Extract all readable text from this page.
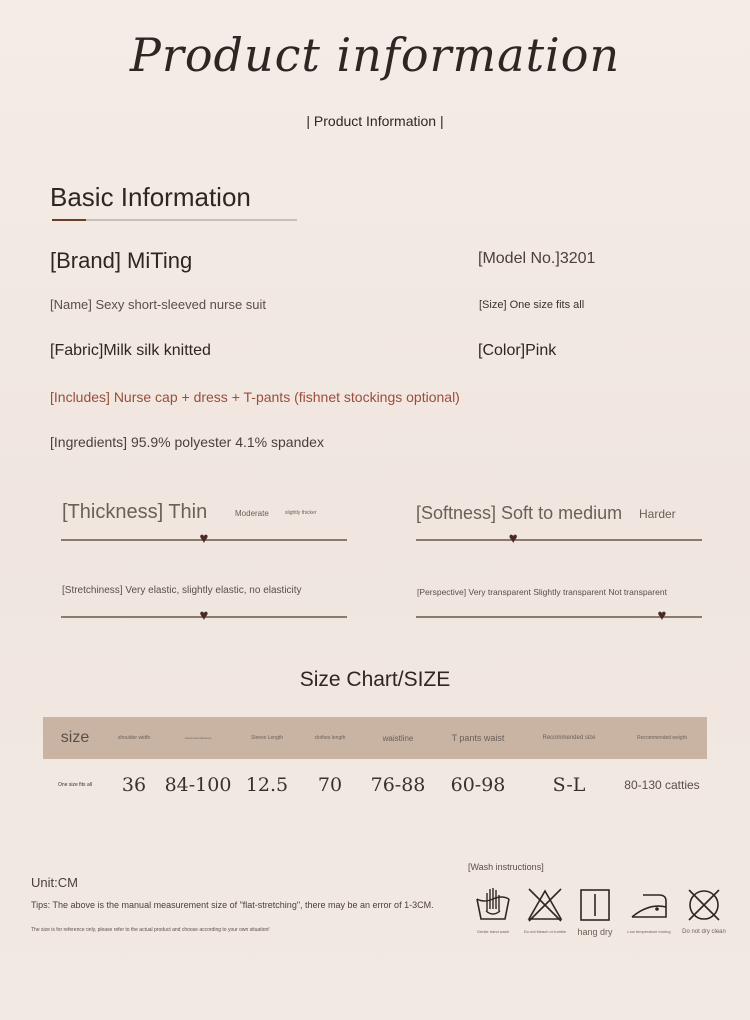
Product information
| Product Information |
Basic Information
[Brand] MiTing	[Model No.]3201
[Name] Sexy short-sleeved nurse suit	[Size] One size fits all
[Fabric]Milk silk knitted	[Color]Pink
[Includes] Nurse cap + dress + T-pants (fishnet stockings optional)
[Ingredients] 95.9% polyester 4.1% spandex
[Thickness] Thin	Moderate	slightly thicker
♥
[Softness] Soft to medium Harder
♥
[Stretchiness] Very elastic, slightly elastic, no elasticity
♥
[Perspective] Very transparent Slightly transparent Not transparent
♥
Size Chart/SIZE
size	shoulder width	chest circumference	Sleeve Length	clothes length	waistline	T pants waist	Recommended size	Recommended weight
One size fits all	36 84-100 12.5	70	76-88	60-98	S-L	80-130 catties
Unit:CM
Tips: The above is the manual measurement size of "flat-stretching", there may be an error of 1-3CM.
The size is for reference only, please refer to the actual product and choose according to your own situation!
[Wash instructions]
Gentle hand wash	Do not bleach or tumble	hang dry	Low temperature ironing	Do not dry clean
